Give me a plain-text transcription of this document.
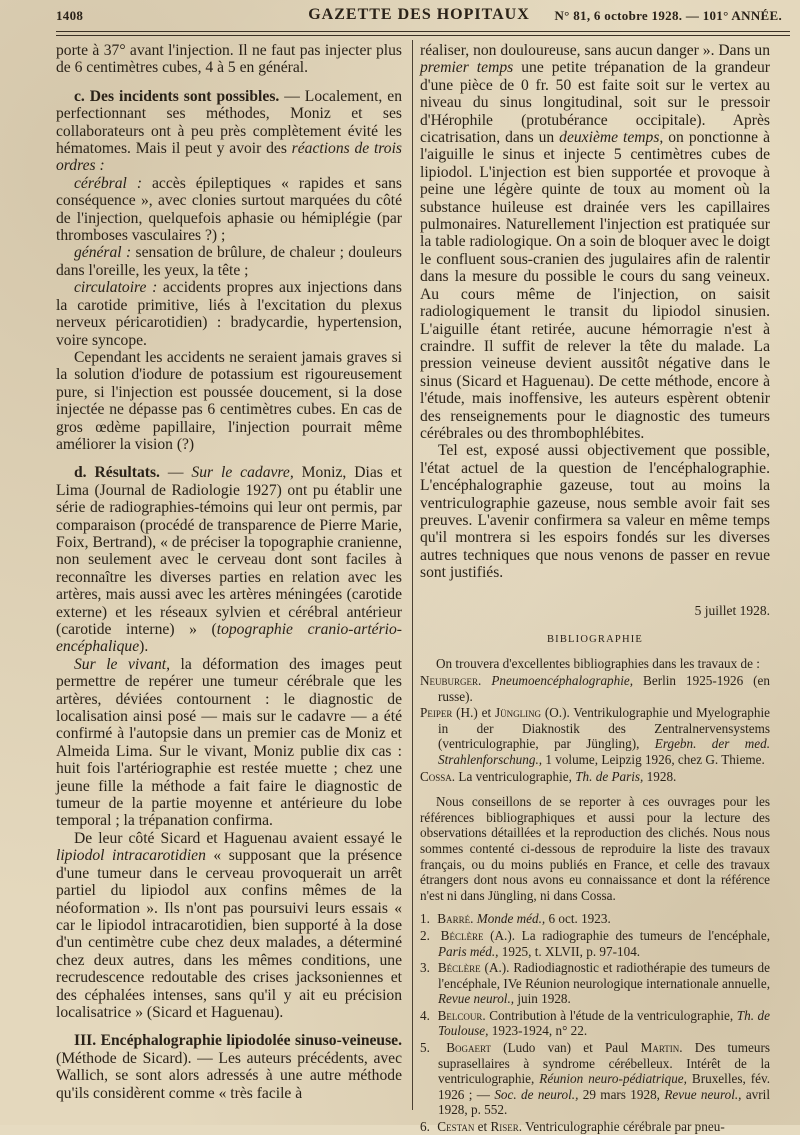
1408	GAZETTE DES HOPITAUX	N° 81, 6 octobre 1928. — 101° ANNÉE.

porte à 37° avant l'injection. Il ne faut pas injecter plus de 6 centimètres cubes, 4 à 5 en général.

c. Des incidents sont possibles. — Localement, en perfectionnant ses méthodes, Moniz et ses collaborateurs ont à peu près complètement évité les hématomes. Mais il peut y avoir des réactions de trois ordres :

cérébral : accès épileptiques « rapides et sans conséquence », avec clonies surtout marquées du côté de l'injection, quelquefois aphasie ou hémiplégie (par thromboses vasculaires ?) ;

général : sensation de brûlure, de chaleur ; douleurs dans l'oreille, les yeux, la tête ;

circulatoire : accidents propres aux injections dans la carotide primitive, liés à l'excitation du plexus nerveux péricarotidien) : bradycardie, hypertension, voire syncope.

Cependant les accidents ne seraient jamais graves si la solution d'iodure de potassium est rigoureusement pure, si l'injection est poussée doucement, si la dose injectée ne dépasse pas 6 centimètres cubes. En cas de gros œdème papillaire, l'injection pourrait même améliorer la vision (?)

d. Résultats. — Sur le cadavre, Moniz, Dias et Lima (Journal de Radiologie 1927) ont pu établir une série de radiographies-témoins qui leur ont permis, par comparaison (procédé de transparence de Pierre Marie, Foix, Bertrand), « de préciser la topographie cranienne, non seulement avec le cerveau dont sont faciles à reconnaître les diverses parties en relation avec les artères, mais aussi avec les artères méningées (carotide externe) et les réseaux sylvien et cérébral antérieur (carotide interne) » (topographie cranio-artério-encéphalique).

Sur le vivant, la déformation des images peut permettre de repérer une tumeur cérébrale que les artères, déviées contournent : le diagnostic de localisation ainsi posé — mais sur le cadavre — a été confirmé à l'autopsie dans un premier cas de Moniz et Almeida Lima. Sur le vivant, Moniz publie dix cas : huit fois l'artériographie est restée muette ; chez une jeune fille la méthode a fait faire le diagnostic de tumeur de la partie moyenne et antérieure du lobe temporal ; la trépanation confirma.

De leur côté Sicard et Haguenau avaient essayé le lipiodol intracarotidien « supposant que la présence d'une tumeur dans le cerveau provoquerait un arrêt partiel du lipiodol aux confins mêmes de la néoformation ». Ils n'ont pas poursuivi leurs essais « car le lipiodol intracarotidien, bien supporté à la dose d'un centimètre cube chez deux malades, a déterminé chez deux autres, dans les mêmes conditions, une recrudescence redoutable des crises jacksoniennes et des céphalées intenses, sans qu'il y ait eu précision localisatrice » (Sicard et Haguenau).

III. Encéphalographie lipiodolée sinuso-veineuse. (Méthode de Sicard). — Les auteurs précédents, avec Wallich, se sont alors adressés à une autre méthode qu'ils considèrent comme « très facile à

réaliser, non douloureuse, sans aucun danger ». Dans un premier temps une petite trépanation de la grandeur d'une pièce de 0 fr. 50 est faite soit sur le vertex au niveau du sinus longitudinal, soit sur le pressoir d'Hérophile (protubérance occipitale). Après cicatrisation, dans un deuxième temps, on ponctionne à l'aiguille le sinus et injecte 5 centimètres cubes de lipiodol. L'injection est bien supportée et provoque à peine une légère quinte de toux au moment où la substance huileuse est drainée vers les capillaires pulmonaires. Naturellement l'injection est pratiquée sur la table radiologique. On a soin de bloquer avec le doigt le confluent sous-cranien des jugulaires afin de ralentir dans la mesure du possible le cours du sang veineux. Au cours même de l'injection, on saisit radiologiquement le transit du lipiodol sinusien. L'aiguille étant retirée, aucune hémorragie n'est à craindre. Il suffit de relever la tête du malade. La pression veineuse devient aussitôt négative dans le sinus (Sicard et Haguenau). De cette méthode, encore à l'étude, mais inoffensive, les auteurs espèrent obtenir des renseignements pour le diagnostic des tumeurs cérébrales ou des thrombophlébites.

Tel est, exposé aussi objectivement que possible, l'état actuel de la question de l'encéphalographie. L'encéphalographie gazeuse, tout au moins la ventriculographie gazeuse, nous semble avoir fait ses preuves. L'avenir confirmera sa valeur en même temps qu'il montrera si les espoirs fondés sur les diverses autres techniques que nous venons de passer en revue sont justifiés.

5 juillet 1928.
BIBLIOGRAPHIE

On trouvera d'excellentes bibliographies dans les travaux de :

Neuburger. Pneumoencéphalographie, Berlin 1925-1926 (en russe).

Peiper (H.) et Jüngling (O.). Ventrikulographie und Myelographie in der Diaknostik des Zentralnervensystems (ventriculographie, par Jüngling), Ergebn. der med. Strahlenforschung., 1 volume, Leipzig 1926, chez G. Thieme.

Cossa. La ventriculographie, Th. de Paris, 1928.

Nous conseillons de se reporter à ces ouvrages pour les références bibliographiques et aussi pour la lecture des observations détaillées et la reproduction des clichés. Nous nous sommes contenté ci-dessous de reproduire la liste des travaux français, ou du moins publiés en France, et celle des travaux étrangers dont nous avons eu connaissance et dont la référence n'est ni dans Jüngling, ni dans Cossa.

1. Barré. Monde méd., 6 oct. 1923.

2. Béclère (A.). La radiographie des tumeurs de l'encéphale, Paris méd., 1925, t. XLVII, p. 97-104.

3. Béclère (A.). Radiodiagnostic et radiothérapie des tumeurs de l'encéphale, IVe Réunion neurologique internationale annuelle, Revue neurol., juin 1928.

4. Belcour. Contribution à l'étude de la ventriculographie, Th. de Toulouse, 1923-1924, n° 22.

5. Bogaert (Ludo van) et Paul Martin. Des tumeurs suprasellaires à syndrome cérébelleux. Intérêt de la ventriculographie, Réunion neuro-pédiatrique, Bruxelles, fév. 1926 ; — Soc. de neurol., 29 mars 1928, Revue neurol., avril 1928, p. 552.

6. Cestan et Riser. Ventriculographie cérébrale par pneu-
